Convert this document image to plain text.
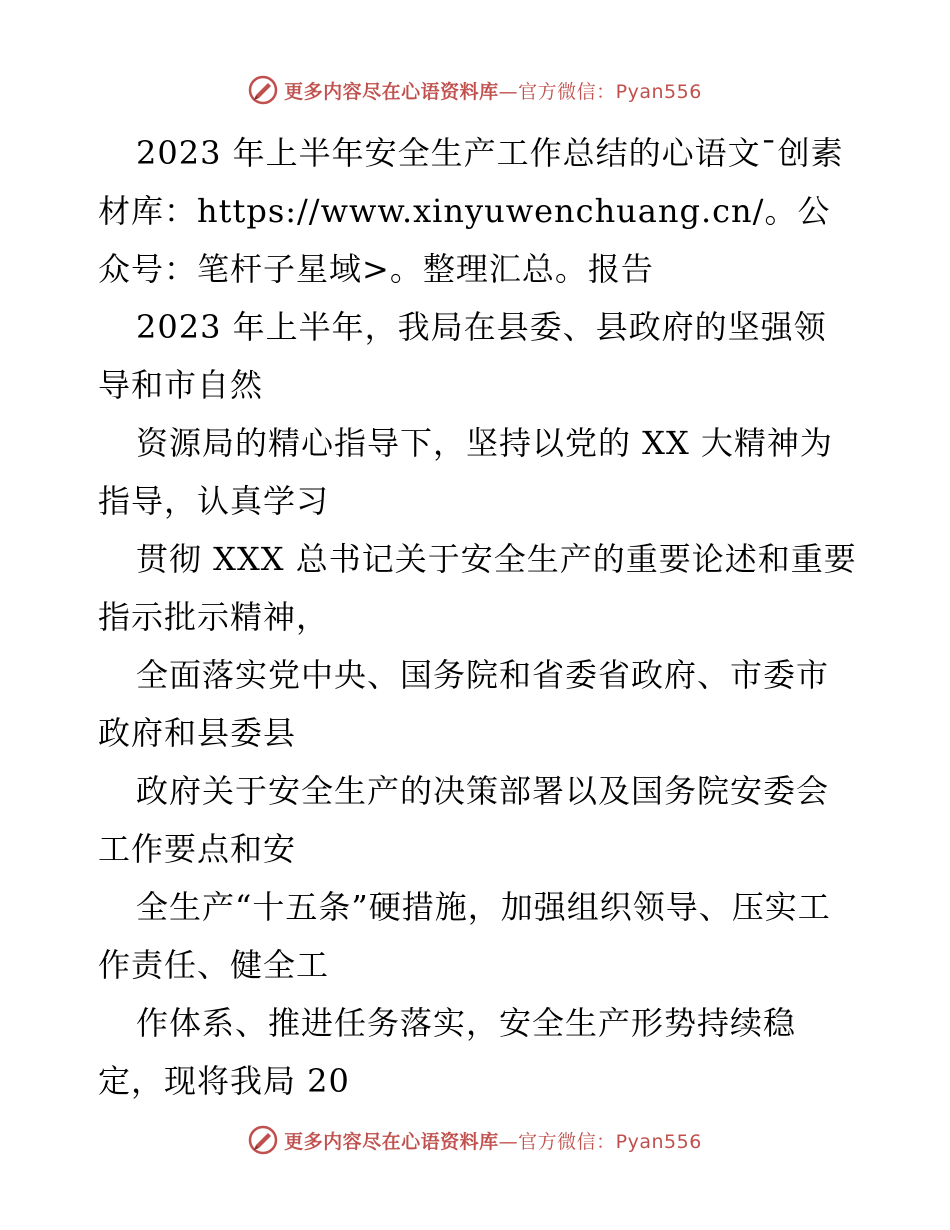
更多内容尽在心语资料库—官方微信：Pyan556

2023 年上半年安全生产工作总结的心语文¯创素材库：https://www.xinyuwenchuang.cn/。公众号：笔杆子星域>。整理汇总。报告

2023 年上半年，我局在县委、县政府的坚强领导和市自然

资源局的精心指导下，坚持以党的 XX 大精神为指导，认真学习

贯彻 XXX 总书记关于安全生产的重要论述和重要指示批示精神，

全面落实党中央、国务院和省委省政府、市委市政府和县委县

政府关于安全生产的决策部署以及国务院安委会工作要点和安

全生产“十五条”硬措施，加强组织领导、压实工作责任、健全工

作体系、推进任务落实，安全生产形势持续稳定，现将我局 20

更多内容尽在心语资料库—官方微信：Pyan556
